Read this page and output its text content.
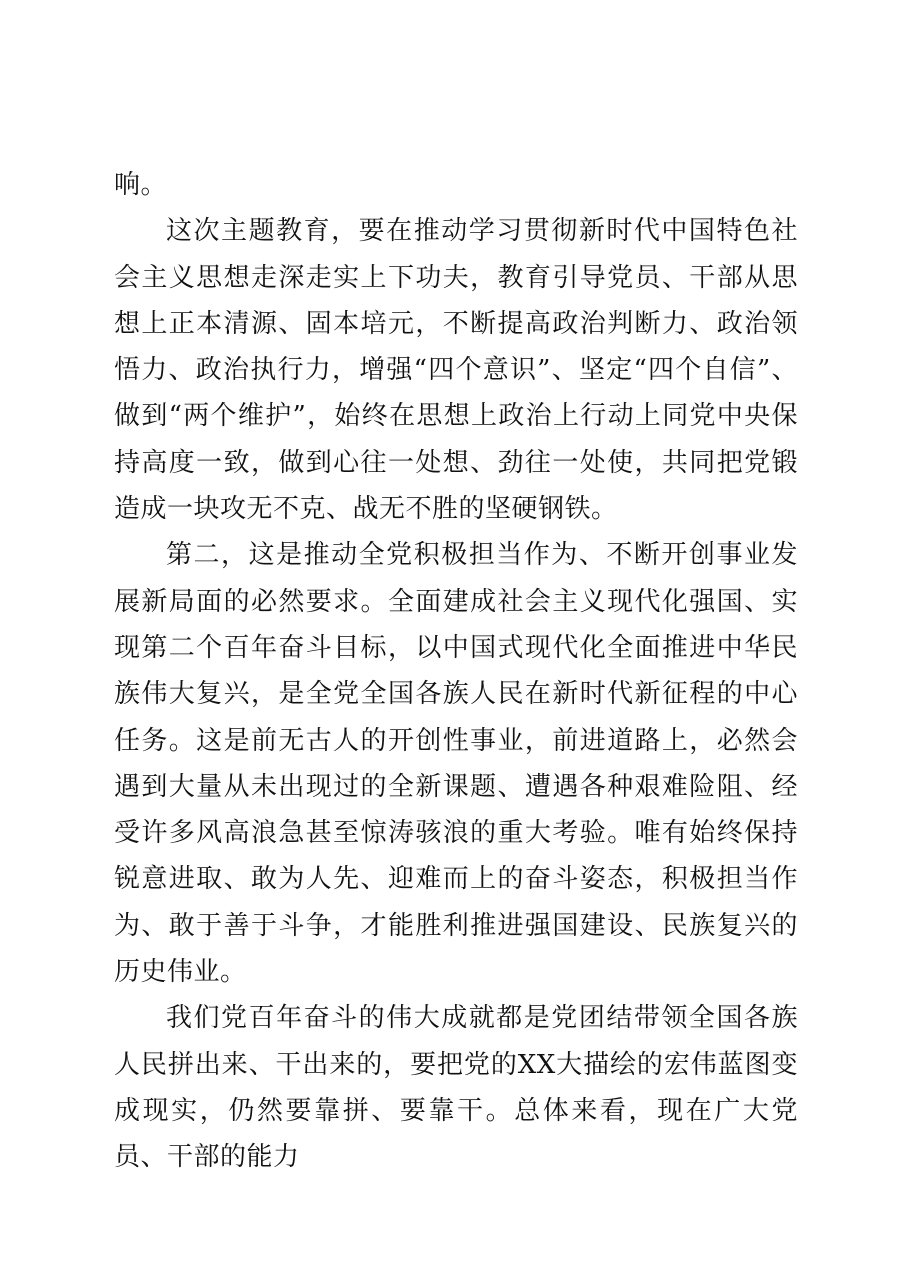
响。

这次主题教育，要在推动学习贯彻新时代中国特色社会主义思想走深走实上下功夫，教育引导党员、干部从思想上正本清源、固本培元，不断提高政治判断力、政治领悟力、政治执行力，增强“四个意识”、坚定“四个自信”、做到“两个维护”，始终在思想上政治上行动上同党中央保持高度一致，做到心往一处想、劲往一处使，共同把党锻造成一块攻无不克、战无不胜的坚硬钢铁。

第二，这是推动全党积极担当作为、不断开创事业发展新局面的必然要求。全面建成社会主义现代化强国、实现第二个百年奋斗目标，以中国式现代化全面推进中华民族伟大复兴，是全党全国各族人民在新时代新征程的中心任务。这是前无古人的开创性事业，前进道路上，必然会遇到大量从未出现过的全新课题、遭遇各种艰难险阻、经受许多风高浪急甚至惊涛骇浪的重大考验。唯有始终保持锐意进取、敢为人先、迎难而上的奋斗姿态，积极担当作为、敢于善于斗争，才能胜利推进强国建设、民族复兴的历史伟业。

我们党百年奋斗的伟大成就都是党团结带领全国各族人民拼出来、干出来的，要把党的XX大描绘的宏伟蓝图变成现实，仍然要靠拼、要靠干。总体来看，现在广大党员、干部的能力
